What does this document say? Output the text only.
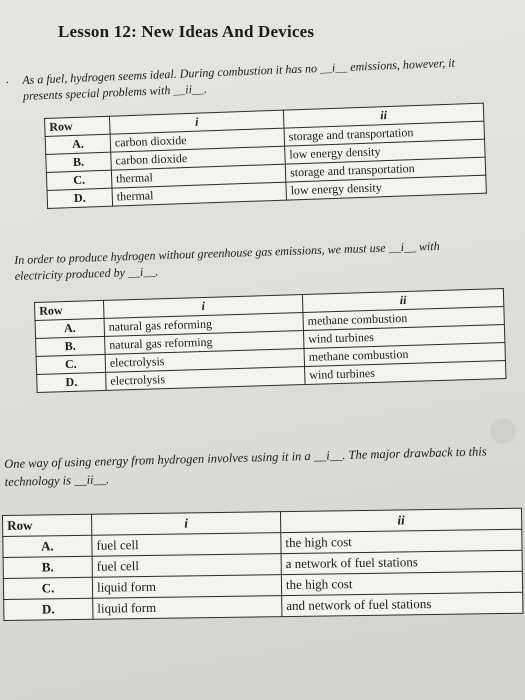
Lesson 12: New Ideas And Devices
. As a fuel, hydrogen seems ideal. During combustion it has no __i__ emissions, however, it presents special problems with __ii__.
Row	i	ii
A.	carbon dioxide	storage and transportation
B.	carbon dioxide	low energy density
C.	thermal	storage and transportation
D.	thermal	low energy density
In order to produce hydrogen without greenhouse gas emissions, we must use __i__ with electricity produced by __i__.
Row	i	ii
A.	natural gas reforming	methane combustion
B.	natural gas reforming	wind turbines
C.	electrolysis	methane combustion
D.	electrolysis	wind turbines
One way of using energy from hydrogen involves using it in a __i__. The major drawback to this technology is __ii__.
Row	i	ii
A.	fuel cell	the high cost
B.	fuel cell	a network of fuel stations
C.	liquid form	the high cost
D.	liquid form	and network of fuel stations
